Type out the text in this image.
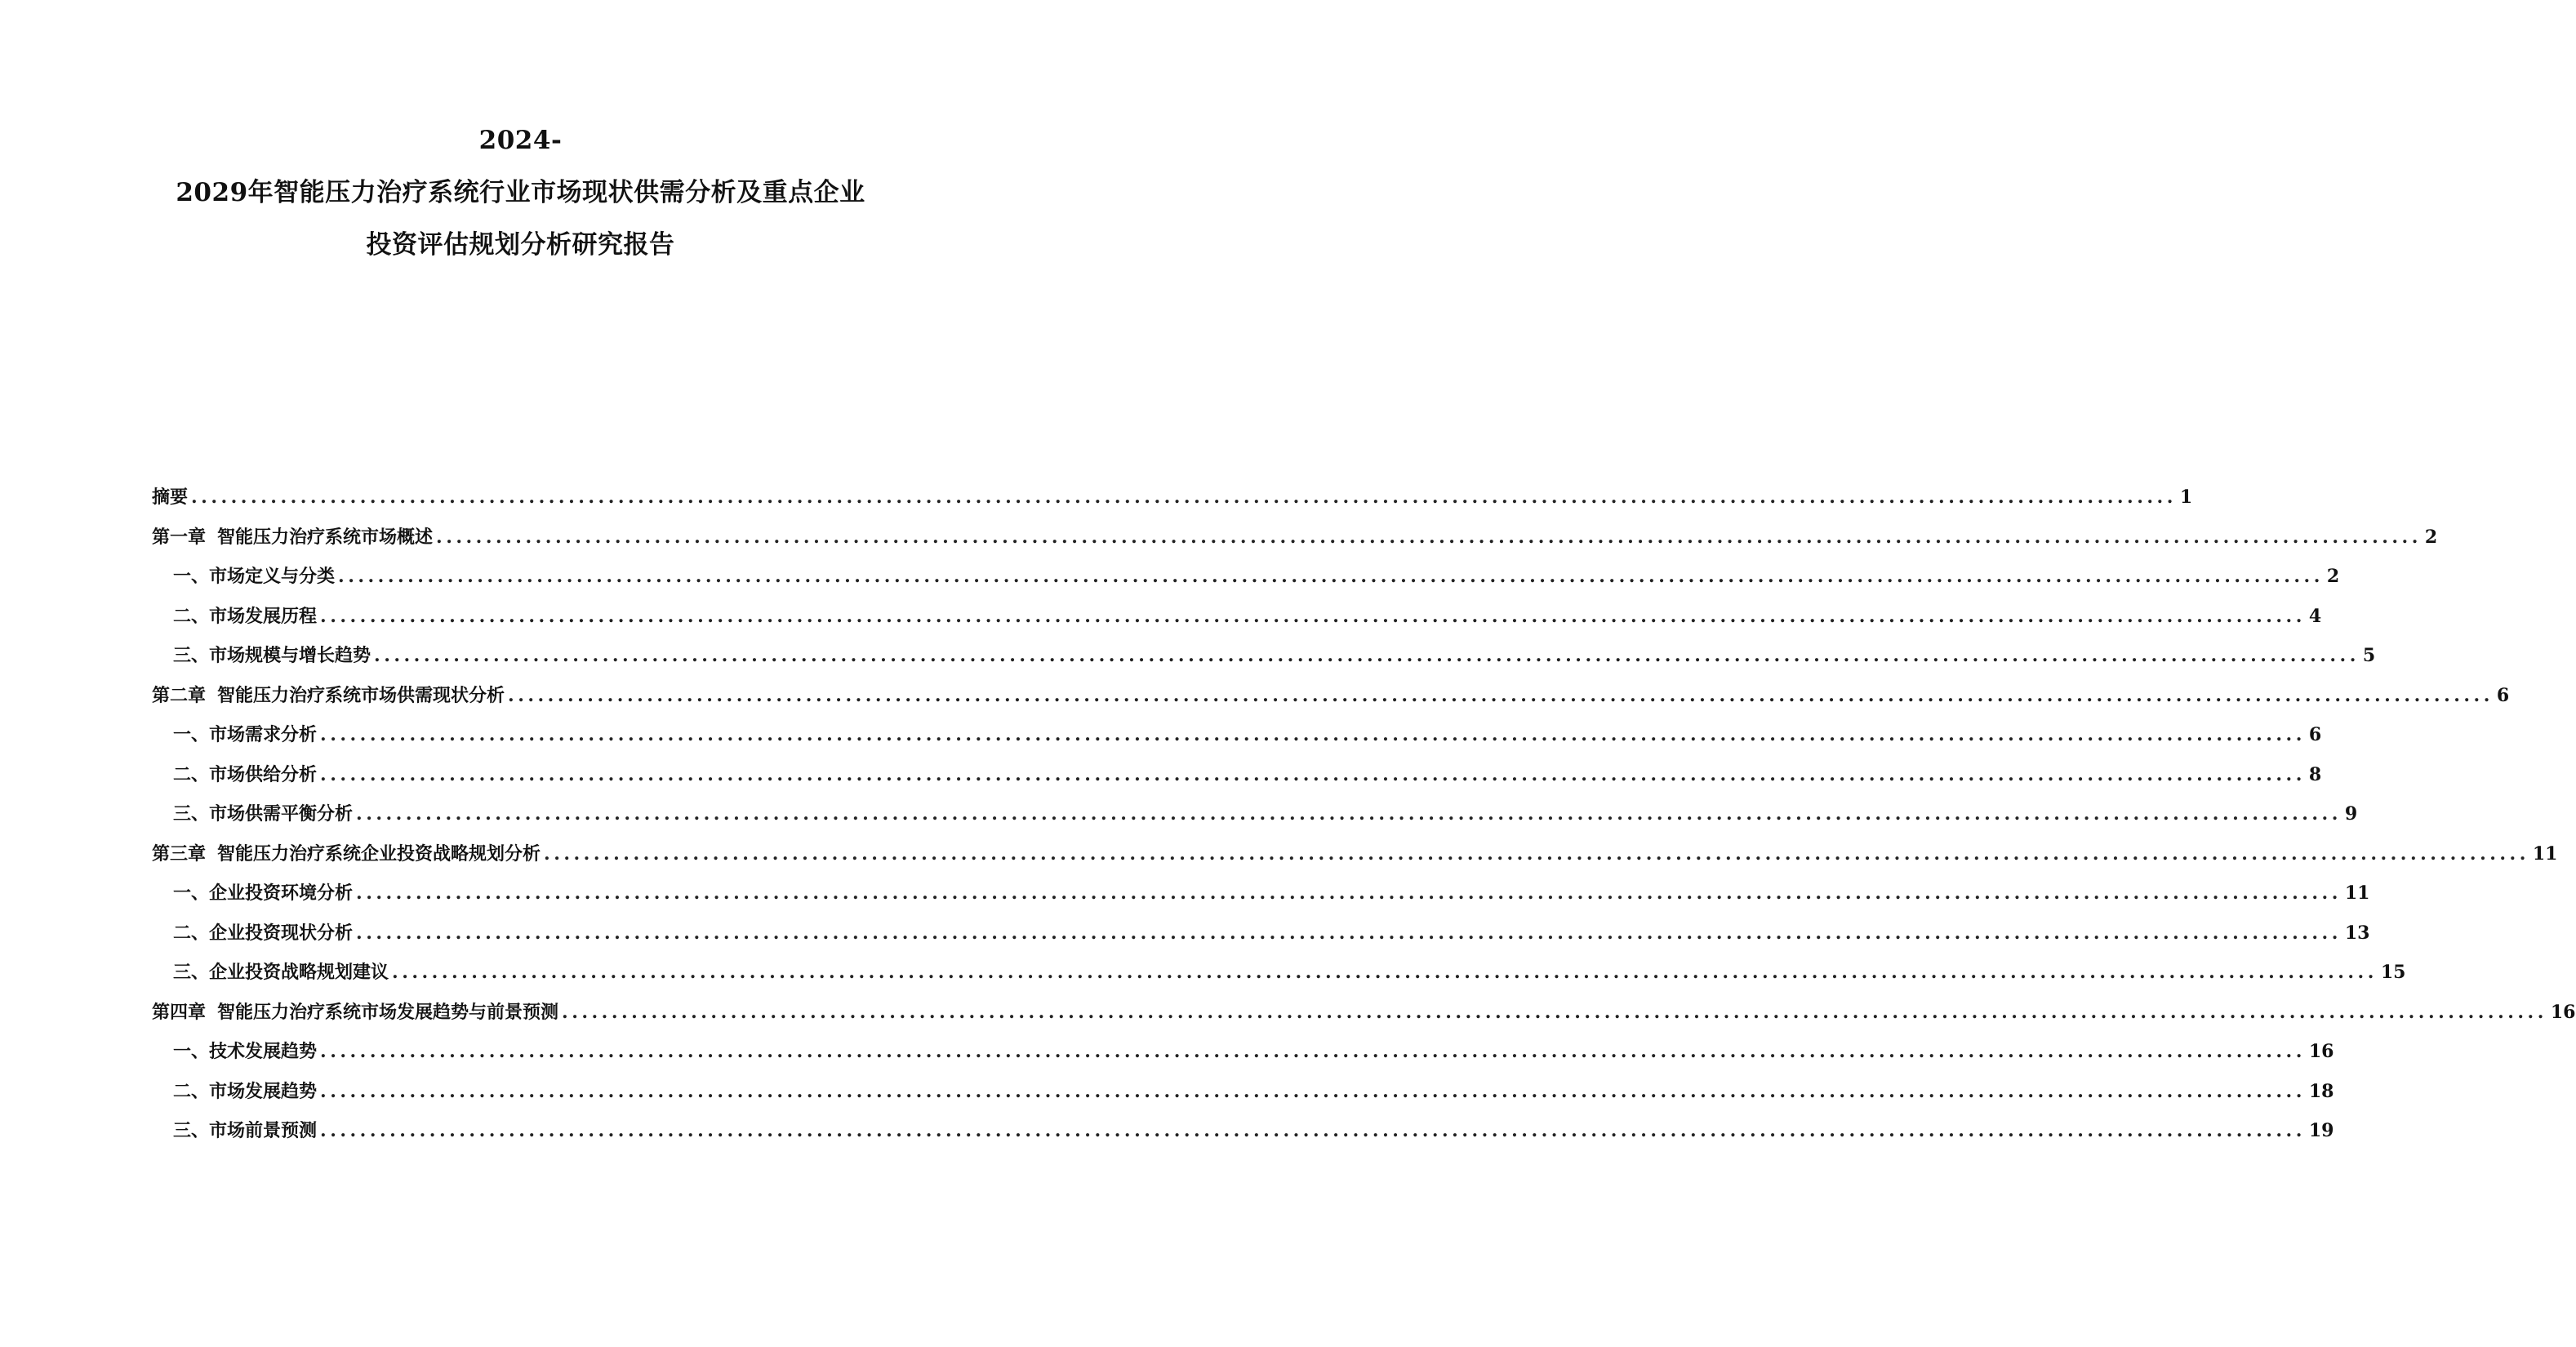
2024-
2029年智能压力治疗系统行业市场现状供需分析及重点企业
投资评估规划分析研究报告
摘要 ........................................................................................................................................................................................................ 1
第一章 智能压力治疗系统市场概述 ........................................................................................................................................................................................................ 2
一、 市场定义与分类 ........................................................................................................................................................................................................ 2
二、 市场发展历程 ........................................................................................................................................................................................................ 4
三、 市场规模与增长趋势 ........................................................................................................................................................................................................ 5
第二章 智能压力治疗系统市场供需现状分析 ........................................................................................................................................................................................................ 6
一、 市场需求分析 ........................................................................................................................................................................................................ 6
二、 市场供给分析 ........................................................................................................................................................................................................ 8
三、 市场供需平衡分析 ........................................................................................................................................................................................................ 9
第三章 智能压力治疗系统企业投资战略规划分析 ........................................................................................................................................................................................................ 11
一、 企业投资环境分析 ........................................................................................................................................................................................................ 11
二、 企业投资现状分析 ........................................................................................................................................................................................................ 13
三、 企业投资战略规划建议 ........................................................................................................................................................................................................ 15
第四章 智能压力治疗系统市场发展趋势与前景预测 ........................................................................................................................................................................................................ 16
一、 技术发展趋势 ........................................................................................................................................................................................................ 16
二、 市场发展趋势 ........................................................................................................................................................................................................ 18
三、 市场前景预测 ........................................................................................................................................................................................................ 19
